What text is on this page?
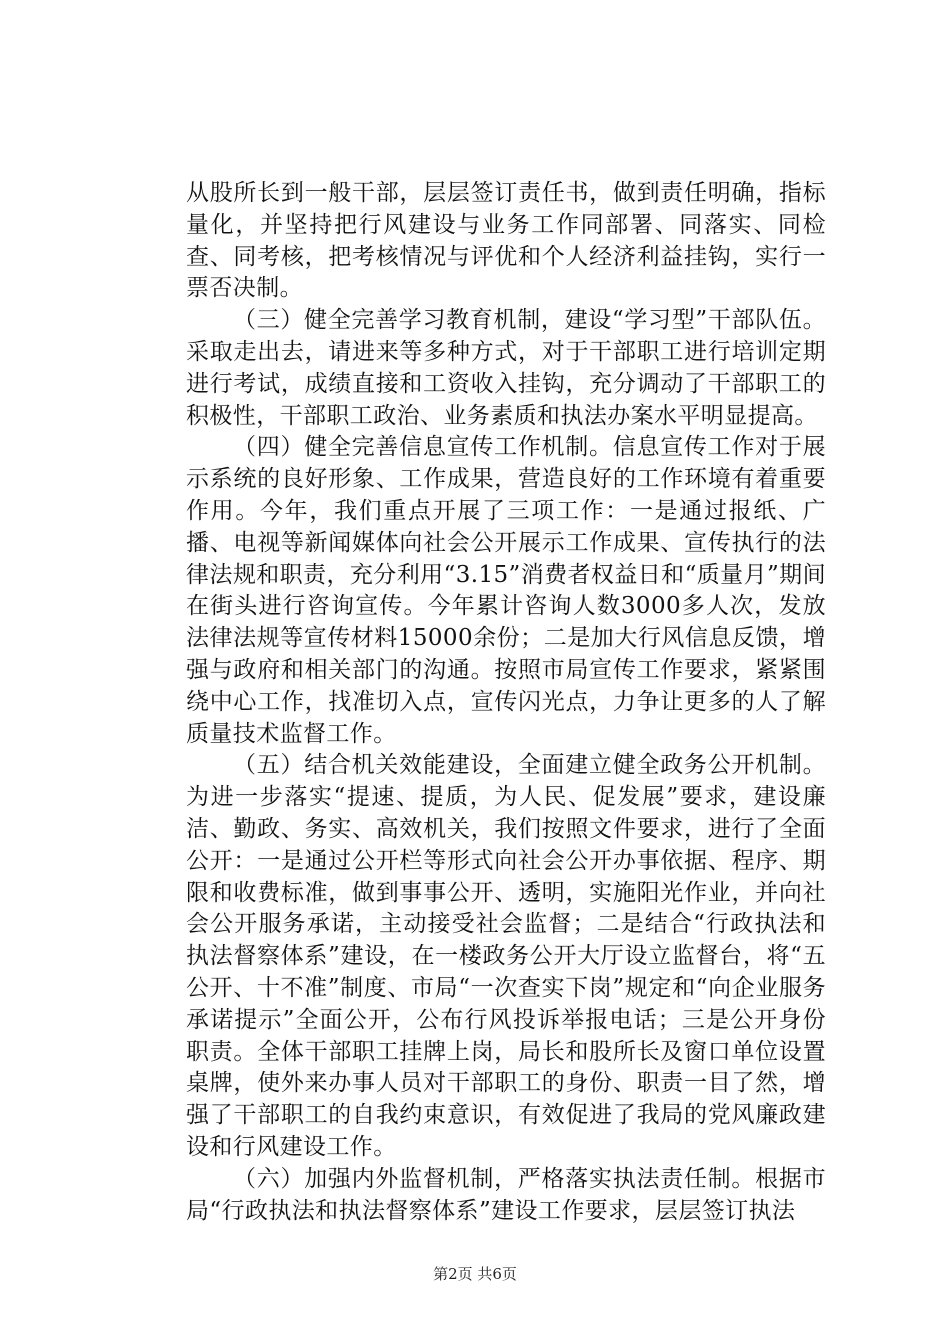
从股所长到一般干部，层层签订责任书，做到责任明确，指标量化，并坚持把行风建设与业务工作同部署、同落实、同检查、同考核，把考核情况与评优和个人经济利益挂钩，实行一票否决制。

（三）健全完善学习教育机制，建设“学习型”干部队伍。采取走出去，请进来等多种方式，对于干部职工进行培训定期进行考试，成绩直接和工资收入挂钩，充分调动了干部职工的积极性，干部职工政治、业务素质和执法办案水平明显提高。

（四）健全完善信息宣传工作机制。信息宣传工作对于展示系统的良好形象、工作成果，营造良好的工作环境有着重要作用。今年，我们重点开展了三项工作：一是通过报纸、广播、电视等新闻媒体向社会公开展示工作成果、宣传执行的法律法规和职责，充分利用“3.15”消费者权益日和“质量月”期间在街头进行咨询宣传。今年累计咨询人数3000多人次，发放法律法规等宣传材料15000余份；二是加大行风信息反馈，增强与政府和相关部门的沟通。按照市局宣传工作要求，紧紧围绕中心工作，找准切入点，宣传闪光点，力争让更多的人了解质量技术监督工作。

（五）结合机关效能建设，全面建立健全政务公开机制。为进一步落实“提速、提质，为人民、促发展”要求，建设廉洁、勤政、务实、高效机关，我们按照文件要求，进行了全面公开：一是通过公开栏等形式向社会公开办事依据、程序、期限和收费标准，做到事事公开、透明，实施阳光作业，并向社会公开服务承诺，主动接受社会监督；二是结合“行政执法和执法督察体系”建设，在一楼政务公开大厅设立监督台，将“五公开、十不准”制度、市局“一次查实下岗”规定和“向企业服务承诺提示”全面公开，公布行风投诉举报电话；三是公开身份职责。全体干部职工挂牌上岗，局长和股所长及窗口单位设置桌牌，使外来办事人员对干部职工的身份、职责一目了然，增强了干部职工的自我约束意识，有效促进了我局的党风廉政建设和行风建设工作。

（六）加强内外监督机制，严格落实执法责任制。根据市局“行政执法和执法督察体系”建设工作要求，层层签订执法

第2页 共6页
